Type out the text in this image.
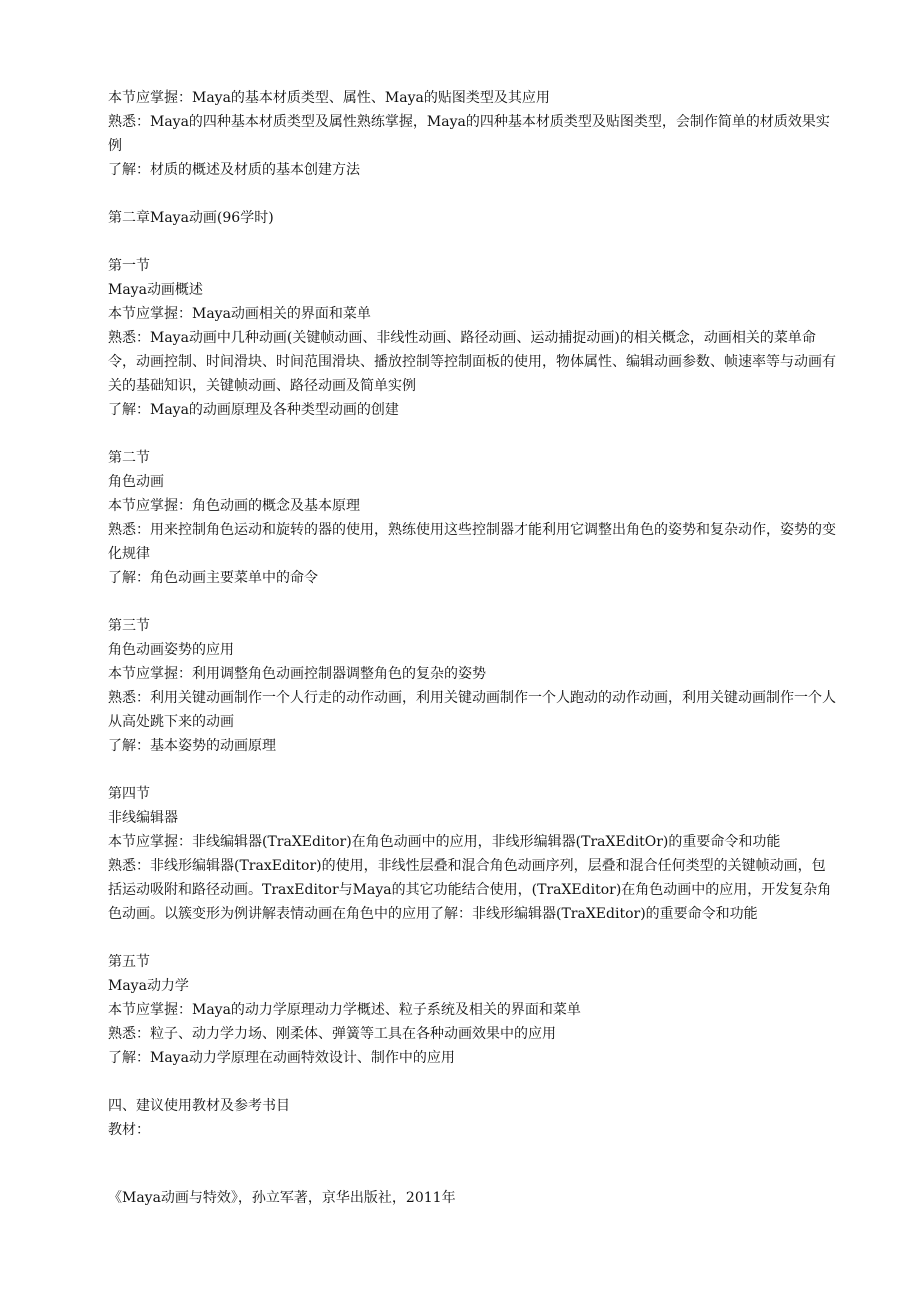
本节应掌握：Maya的基本材质类型、属性、Maya的贴图类型及其应用
熟悉：Maya的四种基本材质类型及属性熟练掌握，Maya的四种基本材质类型及贴图类型，会制作简单的材质效果实例
了解：材质的概述及材质的基本创建方法
第二章Maya动画(96学时)
第一节
Maya动画概述
本节应掌握：Maya动画相关的界面和菜单
熟悉：Maya动画中几种动画(关键帧动画、非线性动画、路径动画、运动捕捉动画)的相关概念，动画相关的菜单命令，动画控制、时间滑块、时间范围滑块、播放控制等控制面板的使用，物体属性、编辑动画参数、帧速率等与动画有关的基础知识，关键帧动画、路径动画及简单实例
了解：Maya的动画原理及各种类型动画的创建
第二节
角色动画
本节应掌握：角色动画的概念及基本原理
熟悉：用来控制角色运动和旋转的器的使用，熟练使用这些控制器才能利用它调整出角色的姿势和复杂动作，姿势的变化规律
了解：角色动画主要菜单中的命令
第三节
角色动画姿势的应用
本节应掌握：利用调整角色动画控制器调整角色的复杂的姿势
熟悉：利用关键动画制作一个人行走的动作动画，利用关键动画制作一个人跑动的动作动画，利用关键动画制作一个人从高处跳下来的动画
了解：基本姿势的动画原理
第四节
非线编辑器
本节应掌握：非线编辑器(TraXEditor)在角色动画中的应用，非线形编辑器(TraXEditOr)的重要命令和功能
熟悉：非线形编辑器(TraxEditor)的使用，非线性层叠和混合角色动画序列，层叠和混合任何类型的关键帧动画，包括运动吸附和路径动画。TraxEditor与Maya的其它功能结合使用，(TraXEditor)在角色动画中的应用，开发复杂角色动画。以簇变形为例讲解表情动画在角色中的应用了解：非线形编辑器(TraXEditor)的重要命令和功能
第五节
Maya动力学
本节应掌握：Maya的动力学原理动力学概述、粒子系统及相关的界面和菜单
熟悉：粒子、动力学力场、刚柔体、弹簧等工具在各种动画效果中的应用
了解：Maya动力学原理在动画特效设计、制作中的应用
四、建议使用教材及参考书目
教材：
《Maya动画与特效》，孙立军著，京华出版社，2011年
